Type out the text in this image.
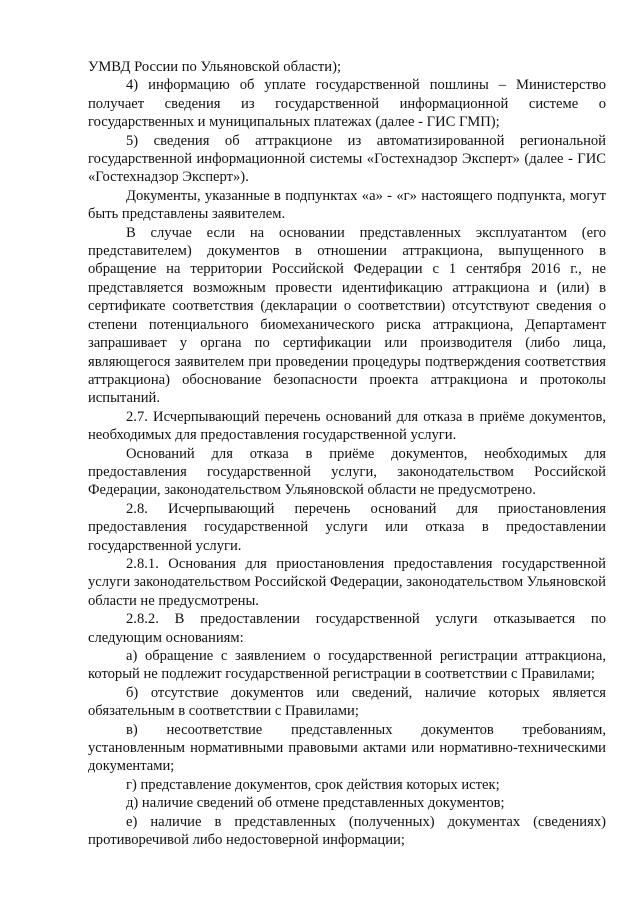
УМВД России по Ульяновской области);

4) информацию об уплате государственной пошлины – Министерство получает сведения из государственной информационной системе о государственных и муниципальных платежах (далее - ГИС ГМП);

5) сведения об аттракционе из автоматизированной региональной государственной информационной системы «Гостехнадзор Эксперт» (далее - ГИС «Гостехнадзор Эксперт»).

Документы, указанные в подпунктах «а» - «г» настоящего подпункта, могут быть представлены заявителем.

В случае если на основании представленных эксплуатантом (его представителем) документов в отношении аттракциона, выпущенного в обращение на территории Российской Федерации с 1 сентября 2016 г., не представляется возможным провести идентификацию аттракциона и (или) в сертификате соответствия (декларации о соответствии) отсутствуют сведения о степени потенциального биомеханического риска аттракциона, Департамент запрашивает у органа по сертификации или производителя (либо лица, являющегося заявителем при проведении процедуры подтверждения соответствия аттракциона) обоснование безопасности проекта аттракциона и протоколы испытаний.

2.7. Исчерпывающий перечень оснований для отказа в приёме документов, необходимых для предоставления государственной услуги.

Оснований для отказа в приёме документов, необходимых для предоставления государственной услуги, законодательством Российской Федерации, законодательством Ульяновской области не предусмотрено.

2.8. Исчерпывающий перечень оснований для приостановления предоставления государственной услуги или отказа в предоставлении государственной услуги.

2.8.1. Основания для приостановления предоставления государственной услуги законодательством Российской Федерации, законодательством Ульяновской области не предусмотрены.

2.8.2. В предоставлении государственной услуги отказывается по следующим основаниям:

а) обращение с заявлением о государственной регистрации аттракциона, который не подлежит государственной регистрации в соответствии с Правилами;

б) отсутствие документов или сведений, наличие которых является обязательным в соответствии с Правилами;

в) несоответствие представленных документов требованиям, установленным нормативными правовыми актами или нормативно-техническими документами;

г) представление документов, срок действия которых истек;

д) наличие сведений об отмене представленных документов;

е) наличие в представленных (полученных) документах (сведениях) противоречивой либо недостоверной информации;
